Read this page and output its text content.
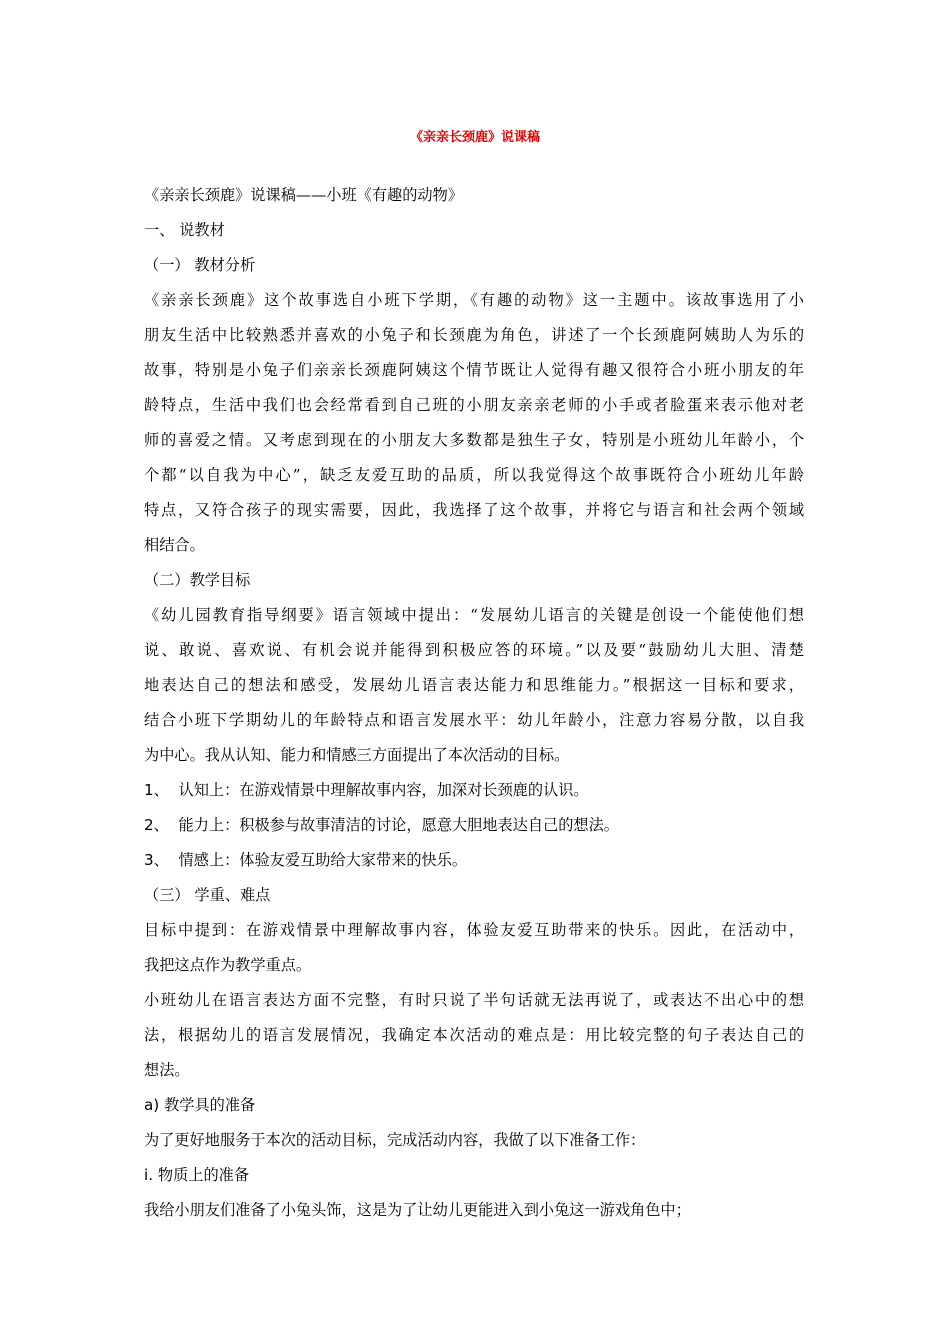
《亲亲长颈鹿》说课稿
《亲亲长颈鹿》说课稿——小班《有趣的动物》
一、 说教材
（一） 教材分析
《亲亲长颈鹿》这个故事选自小班下学期，《有趣的动物》这一主题中。该故事选用了小
朋友生活中比较熟悉并喜欢的小兔子和长颈鹿为角色，讲述了一个长颈鹿阿姨助人为乐的
故事，特别是小兔子们亲亲长颈鹿阿姨这个情节既让人觉得有趣又很符合小班小朋友的年
龄特点，生活中我们也会经常看到自己班的小朋友亲亲老师的小手或者脸蛋来表示他对老
师的喜爱之情。又考虑到现在的小朋友大多数都是独生子女，特别是小班幼儿年龄小，个
个都“以自我为中心”，缺乏友爱互助的品质，所以我觉得这个故事既符合小班幼儿年龄
特点，又符合孩子的现实需要，因此，我选择了这个故事，并将它与语言和社会两个领域
相结合。
（二）教学目标
《幼儿园教育指导纲要》语言领域中提出：“发展幼儿语言的关键是创设一个能使他们想
说、敢说、喜欢说、有机会说并能得到积极应答的环境。”以及要“鼓励幼儿大胆、清楚
地表达自己的想法和感受，发展幼儿语言表达能力和思维能力。”根据这一目标和要求，
结合小班下学期幼儿的年龄特点和语言发展水平：幼儿年龄小，注意力容易分散，以自我
为中心。我从认知、能力和情感三方面提出了本次活动的目标。
1、 认知上：在游戏情景中理解故事内容，加深对长颈鹿的认识。
2、 能力上：积极参与故事清洁的讨论，愿意大胆地表达自己的想法。
3、 情感上：体验友爱互助给大家带来的快乐。
（三） 学重、难点
目标中提到：在游戏情景中理解故事内容，体验友爱互助带来的快乐。因此，在活动中，
我把这点作为教学重点。
小班幼儿在语言表达方面不完整，有时只说了半句话就无法再说了，或表达不出心中的想
法，根据幼儿的语言发展情况，我确定本次活动的难点是：用比较完整的句子表达自己的
想法。
a) 教学具的准备
为了更好地服务于本次的活动目标，完成活动内容，我做了以下准备工作：
i. 物质上的准备
我给小朋友们准备了小兔头饰，这是为了让幼儿更能进入到小兔这一游戏角色中；
